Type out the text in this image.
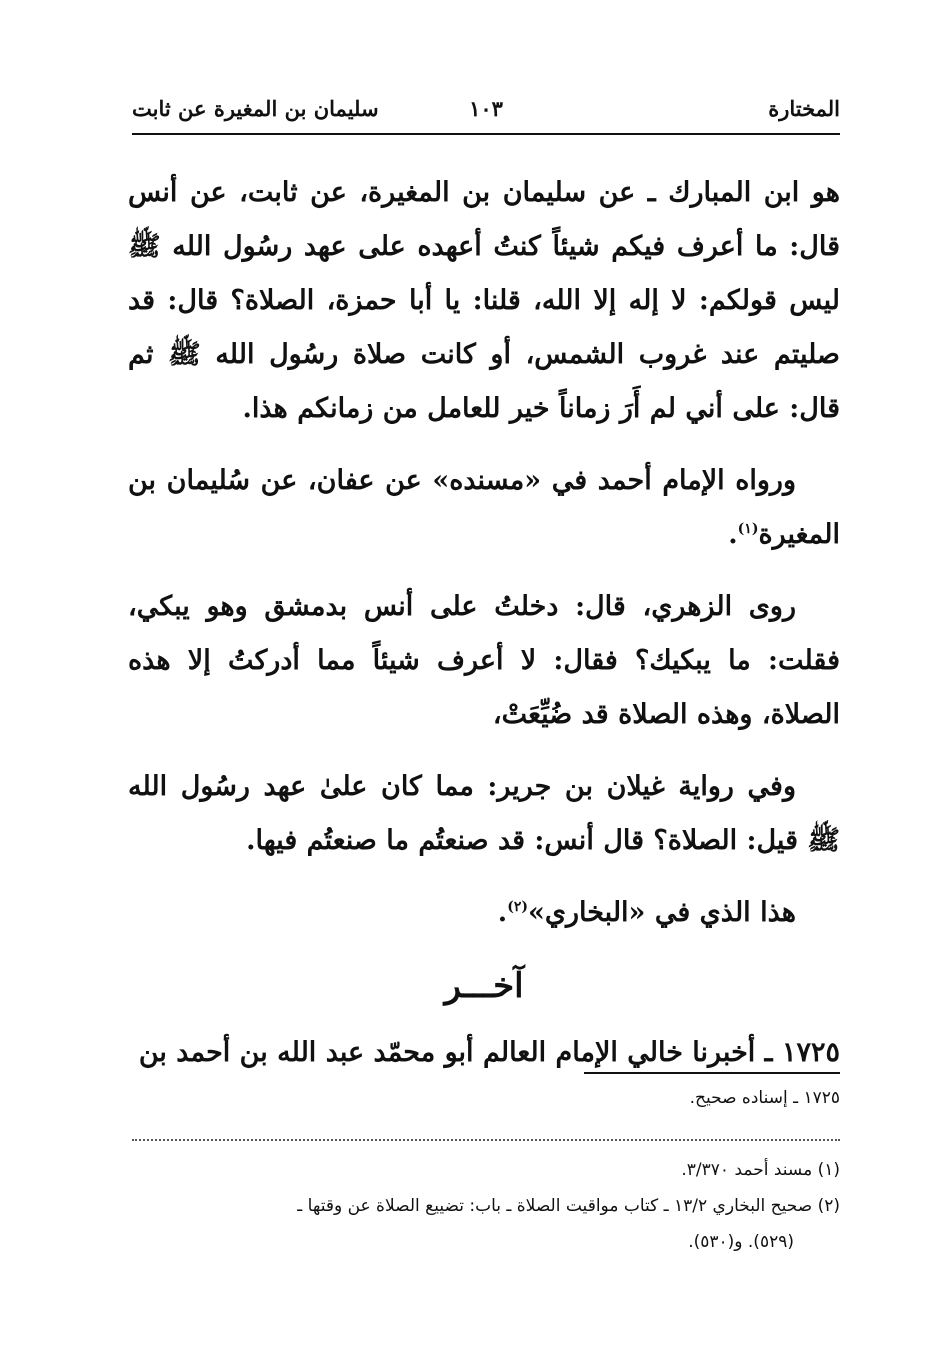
المختارة
١٠٣
سليمان بن المغيرة عن ثابت

هو ابن المبارك ـ عن سليمان بن المغيرة، عن ثابت، عن أنس قال: ما أعرف فيكم شيئاً كنتُ أعهده على عهد رسُول الله ﷺ ليس قولكم: لا إله إلا الله، قلنا: يا أبا حمزة، الصلاة؟ قال: قد صليتم عند غروب الشمس، أو كانت صلاة رسُول الله ﷺ ثم قال: على أني لم أَرَ زماناً خير للعامل من زمانكم هذا.

ورواه الإمام أحمد في «مسنده» عن عفان، عن سُليمان بن المغيرة$^{(١)}$.

روى الزهري، قال: دخلتُ على أنس بدمشق وهو يبكي، فقلت: ما يبكيك؟ فقال: لا أعرف شيئاً مما أدركتُ إلا هذه الصلاة، وهذه الصلاة قد ضُيِّعَتْ،

وفي رواية غيلان بن جرير: مما كان علىٰ عهد رسُول الله ﷺ قيل: الصلاة؟ قال أنس: قد صنعتُم ما صنعتُم فيها.

هذا الذي في «البخاري»$^{(٢)}$.

آخـــر

١٧٢٥ ـ أخبرنا خالي الإمام العالم أبو محمّد عبد الله بن أحمد بن

١٧٢٥ ـ إسناده صحيح.

(١) مسند أحمد ٣/٣٧٠.

(٢) صحيح البخاري ١٣/٢ ـ كتاب مواقيت الصلاة ـ باب: تضييع الصلاة عن وقتها ـ

(٥٢٩). و(٥٣٠).
